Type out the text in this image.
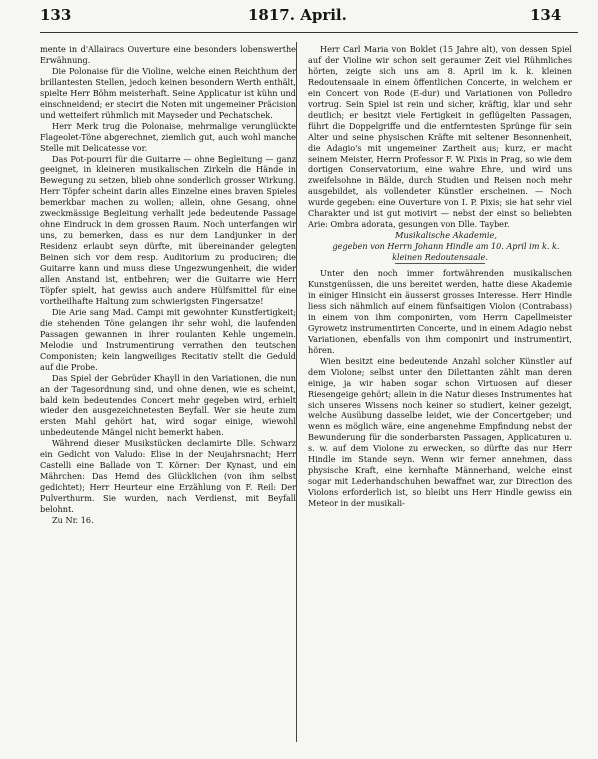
133	1817. April.	134

mente in d'Allairacs Ouverture eine besonders lobenswerthe Erwähnung.

Die Polonaise für die Violine, welche einen Reichthum der brillantesten Stellen, jedoch keinen besondern Werth enthält, spielte Herr Böhm meisterhaft. Seine Applicatur ist kühn und einschneidend; er stecirt die Noten mit ungemeiner Präcision und wetteifert rühmlich mit Mayseder und Pechatschek.

Herr Merk trug die Polonaise, mehrmalige verunglückte Flageolet-Töne abgerechnet, ziemlich gut, auch wohl manche Stelle mit Delicatesse vor.

Das Pot-pourri für die Guitarre — ohne Begleitung — ganz geeignet, in kleineren musikalischen Zirkeln die Hände in Bewegung zu setzen, blieb ohne sonderlich grosser Wirkung. Herr Töpfer scheint darin alles Einzelne eines braven Spieles bemerkbar machen zu wollen; allein, ohne Gesang, ohne zweckmässige Begleitung verhallt jede bedeutende Passage ohne Eindruck in dem grossen Raum. Noch unterfangen wir uns, zu bemerken, dass es nur dem Landjunker in der Residenz erlaubt seyn dürfte, mit übereinander gelegten Beinen sich vor dem resp. Auditorium zu produciren; die Guitarre kann und muss diese Ungezwungenheit, die wider allen Anstand ist, entbehren; wer die Guitarre wie Herr Töpfer spielt, hat gewiss auch andere Hülfsmittel für eine vortheilhafte Haltung zum schwierigsten Fingersatze!

Die Arie sang Mad. Campi mit gewohnter Kunstfertigkeit; die stehenden Töne gelangen ihr sehr wohl, die laufenden Passagen gewannen in ihrer roulanten Kehle ungemein. Melodie und Instrumentirung verrathen den teutschen Componisten; kein langweiliges Recitativ stellt die Geduld auf die Probe.

Das Spiel der Gebrüder Khayll in den Variationen, die nun an der Tagesordnung sind, und ohne denen, wie es scheint, bald kein bedeutendes Concert mehr gegeben wird, erhielt wieder den ausgezeichnetesten Beyfall. Wer sie heute zum ersten Mahl gehört hat, wird sogar einige, wiewohl unbedeutende Mängel nicht bemerkt haben.

Während dieser Musikstücken declamirte Dlle. Schwarz ein Gedicht von Valudo: Elise in der Neujahrsnacht; Herr Castelli eine Ballade von T. Körner: Der Kynast, und ein Mährchen: Das Hemd des Glücklichen (von ihm selbst gedichtet); Herr Heurteur eine Erzählung von F. Reil: Der Pulverthurm. Sie wurden, nach Verdienst, mit Beyfall belohnt.

Zu Nr. 16.

Herr Carl Maria von Boklet (15 Jahre alt), von dessen Spiel auf der Violine wir schon seit geraumer Zeit viel Rühmliches hörten, zeigte sich uns am 8. April im k. k. kleinen Redoutensaale in einem öffentlichen Concerte, in welchem er ein Concert von Rode (E-dur) und Variationen von Polledro vortrug. Sein Spiel ist rein und sicher, kräftig, klar und sehr deutlich; er besitzt viele Fertigkeit in geflügelten Passagen, führt die Doppelgriffe und die entferntesten Sprünge für sein Alter und seine physischen Kräfte mit seltener Besonnenheit, die Adagio's mit ungemeiner Zartheit aus; kurz, er macht seinem Meister, Herrn Professor F. W. Pixis in Prag, so wie dem dortigen Conservatorium, eine wahre Ehre, und wird uns zweifelsohne in Bälde, durch Studien und Reisen noch mehr ausgebildet, als vollendeter Künstler erscheinen. — Noch wurde gegeben: eine Ouverture von I. P. Pixis; sie hat sehr viel Charakter und ist gut motivirt — nebst der einst so beliebten Arie: Ombra adorata, gesungen von Dlle. Tayber.

Musikalische Akademie,

gegeben von Herrn Johann Hindle am 10. April im k. k. kleinen Redoutensaale.

Unter den noch immer fortwährenden musikalischen Kunstgenüssen, die uns bereitet werden, hatte diese Akademie in einiger Hinsicht ein äusserst grosses Interesse. Herr Hindle liess sich nähmlich auf einem fünfsaitigen Violon (Contrabass) in einem von ihm componirten, vom Herrn Capellmeister Gyrowetz instrumentirten Concerte, und in einem Adagio nebst Variationen, ebenfalls von ihm componirt und instrumentirt, hören.

Wien besitzt eine bedeutende Anzahl solcher Künstler auf dem Violone; selbst unter den Dilettanten zählt man deren einige, ja wir haben sogar schon Virtuosen auf dieser Riesengeige gehört; allein in die Natur dieses Instrumentes hat sich unseres Wissens noch keiner so studiert, keiner gezeigt, welche Ausübung dasselbe leidet, wie der Concertgeber; und wenn es möglich wäre, eine angenehme Empfindung nebst der Bewunderung für die sonderbarsten Passagen, Applicaturen u. s. w. auf dem Violone zu erwecken, so dürfte das nur Herr Hindle im Stande seyn. Wenn wir ferner annehmen, dass physische Kraft, eine kernhafte Männerhand, welche einst sogar mit Lederhandschuhen bewaffnet war, zur Direction des Violons erforderlich ist, so bleibt uns Herr Hindle gewiss ein Meteor in der musikali-
